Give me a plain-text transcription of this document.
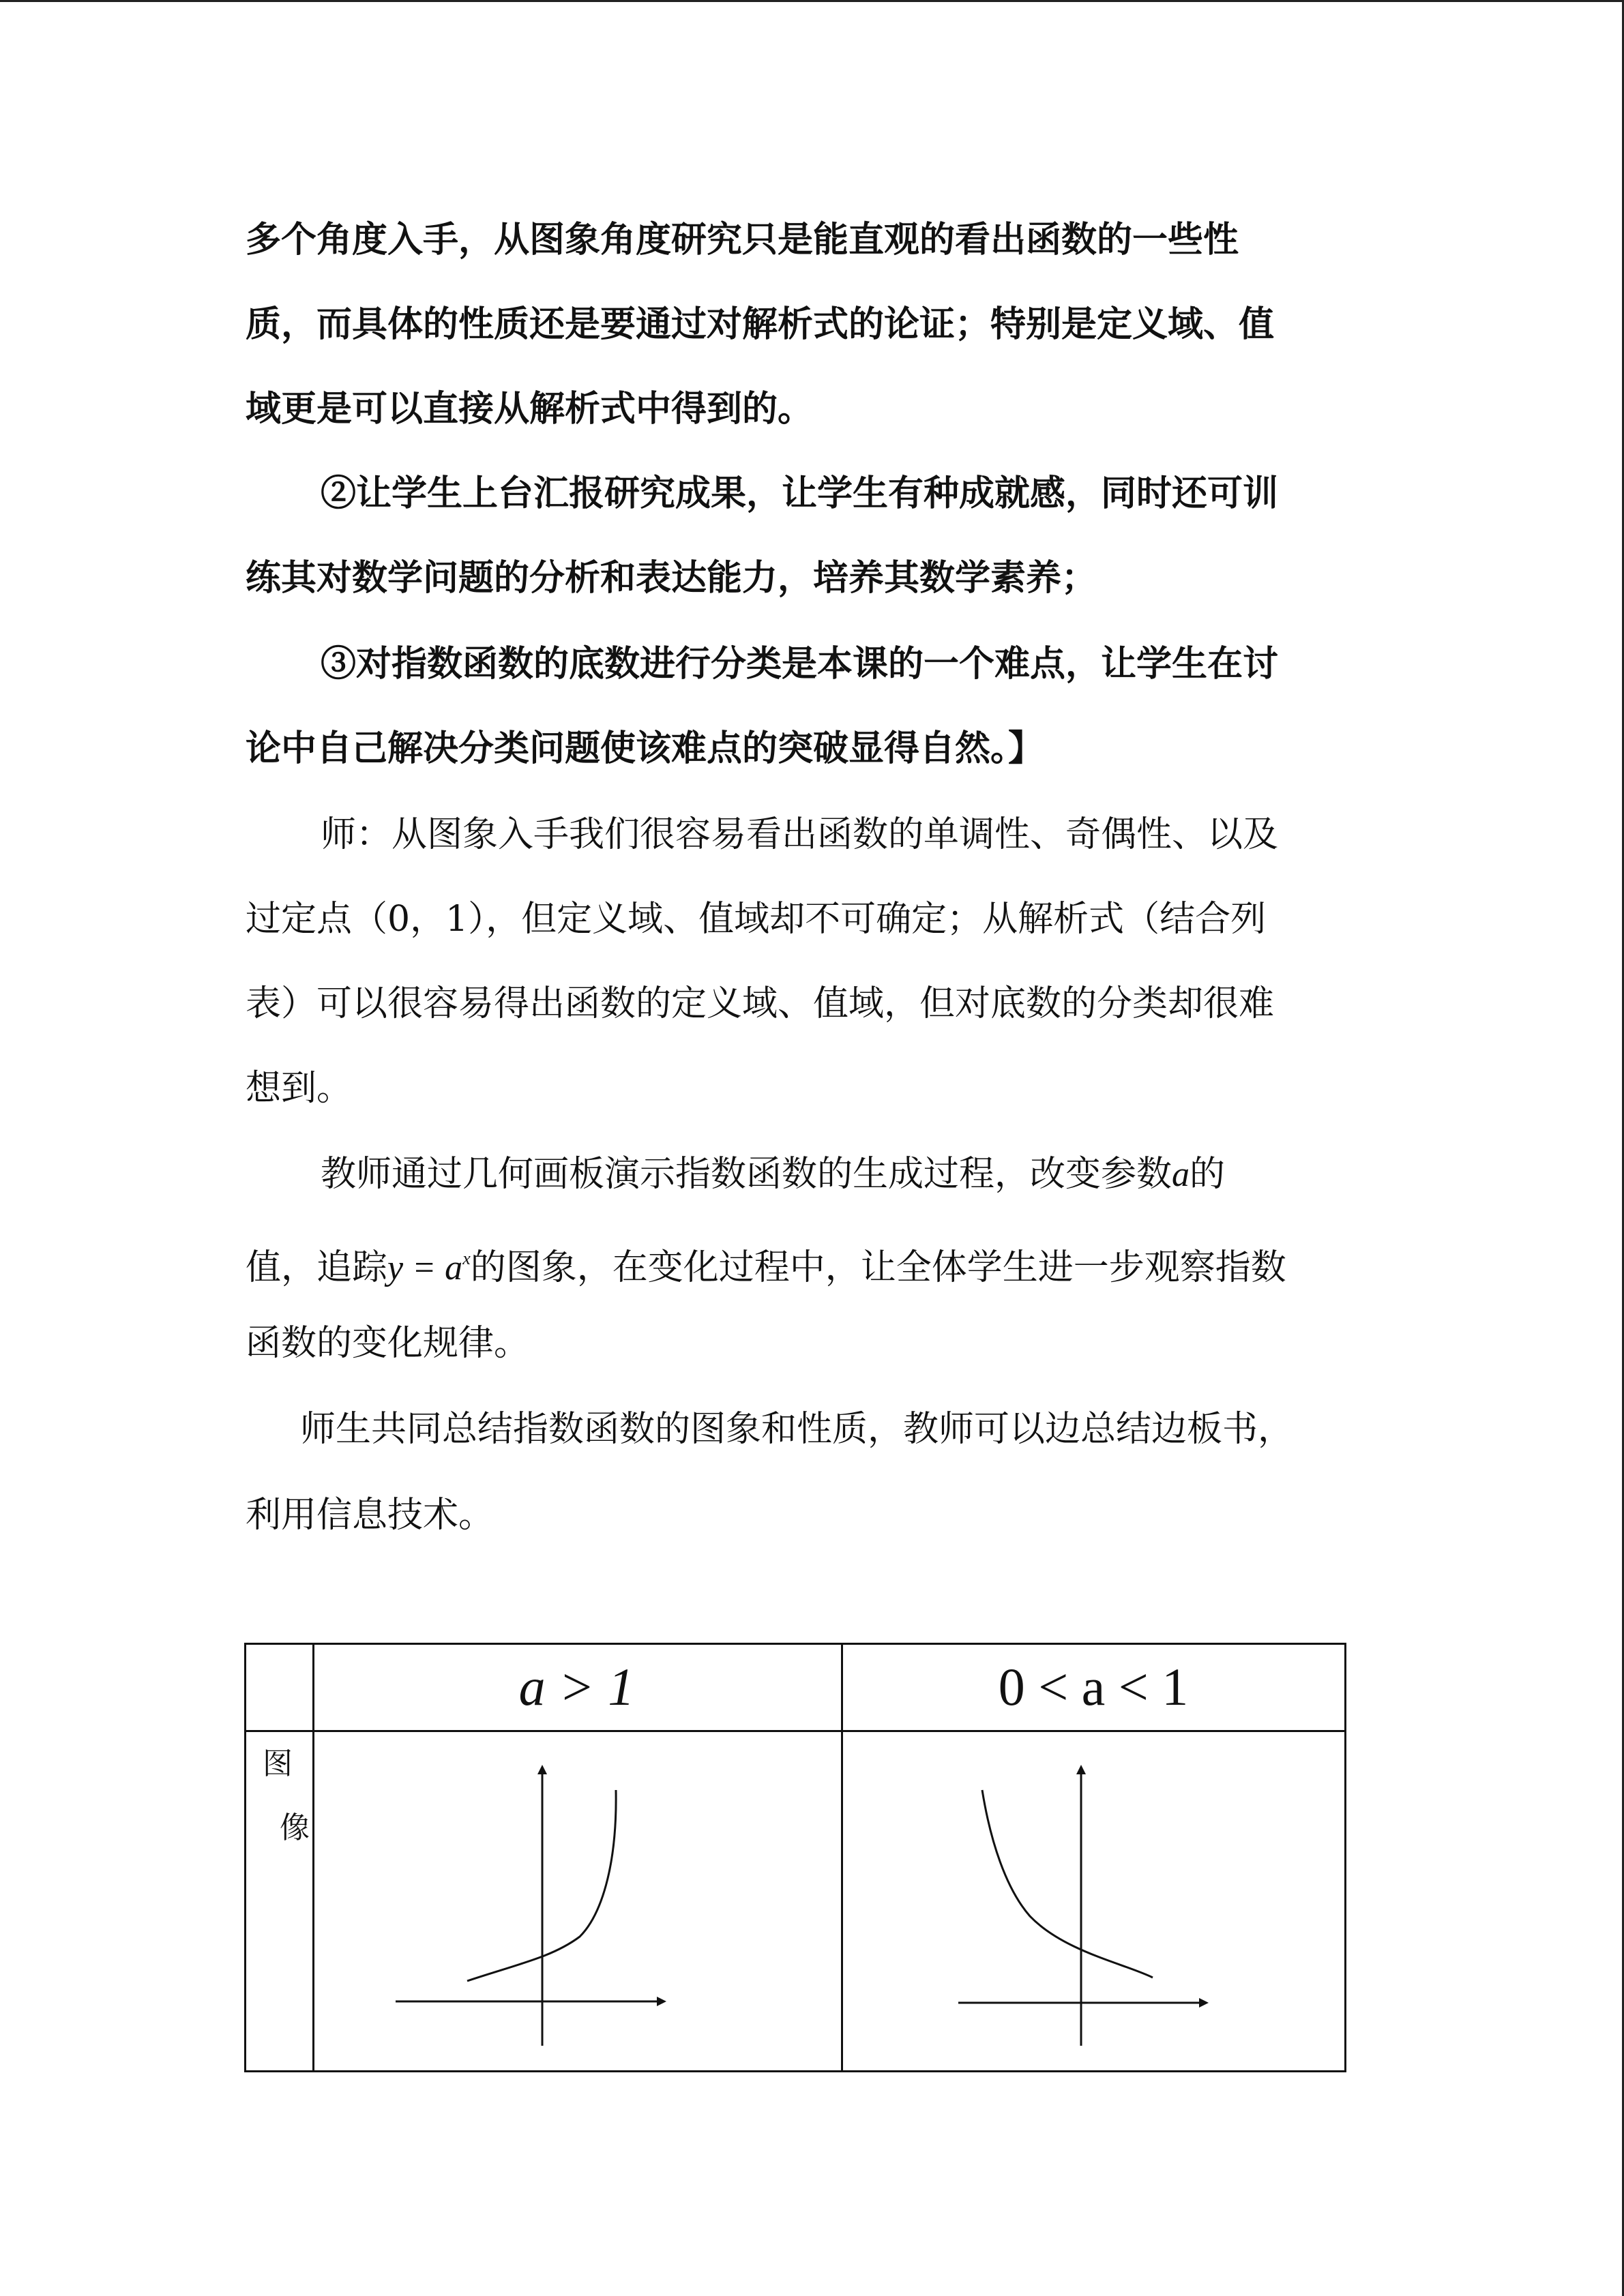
多个角度入手，从图象角度研究只是能直观的看出函数的一些性
质，而具体的性质还是要通过对解析式的论证；特别是定义域、值
域更是可以直接从解析式中得到的。
②让学生上台汇报研究成果，让学生有种成就感，同时还可训
练其对数学问题的分析和表达能力，培养其数学素养；
③对指数函数的底数进行分类是本课的一个难点，让学生在讨
论中自己解决分类问题使该难点的突破显得自然。】
师：从图象入手我们很容易看出函数的单调性、奇偶性、以及
过定点（0，1），但定义域、值域却不可确定；从解析式（结合列
表）可以很容易得出函数的定义域、值域，但对底数的分类却很难
想到。
教师通过几何画板演示指数函数的生成过程，改变参数a的
值，追踪$y = a^x$的图象，在变化过程中，让全体学生进一步观察指数
函数的变化规律。
师生共同总结指数函数的图象和性质，教师可以边总结边板书，
利用信息技术。
a > 1	0 < a < 1
图
像
